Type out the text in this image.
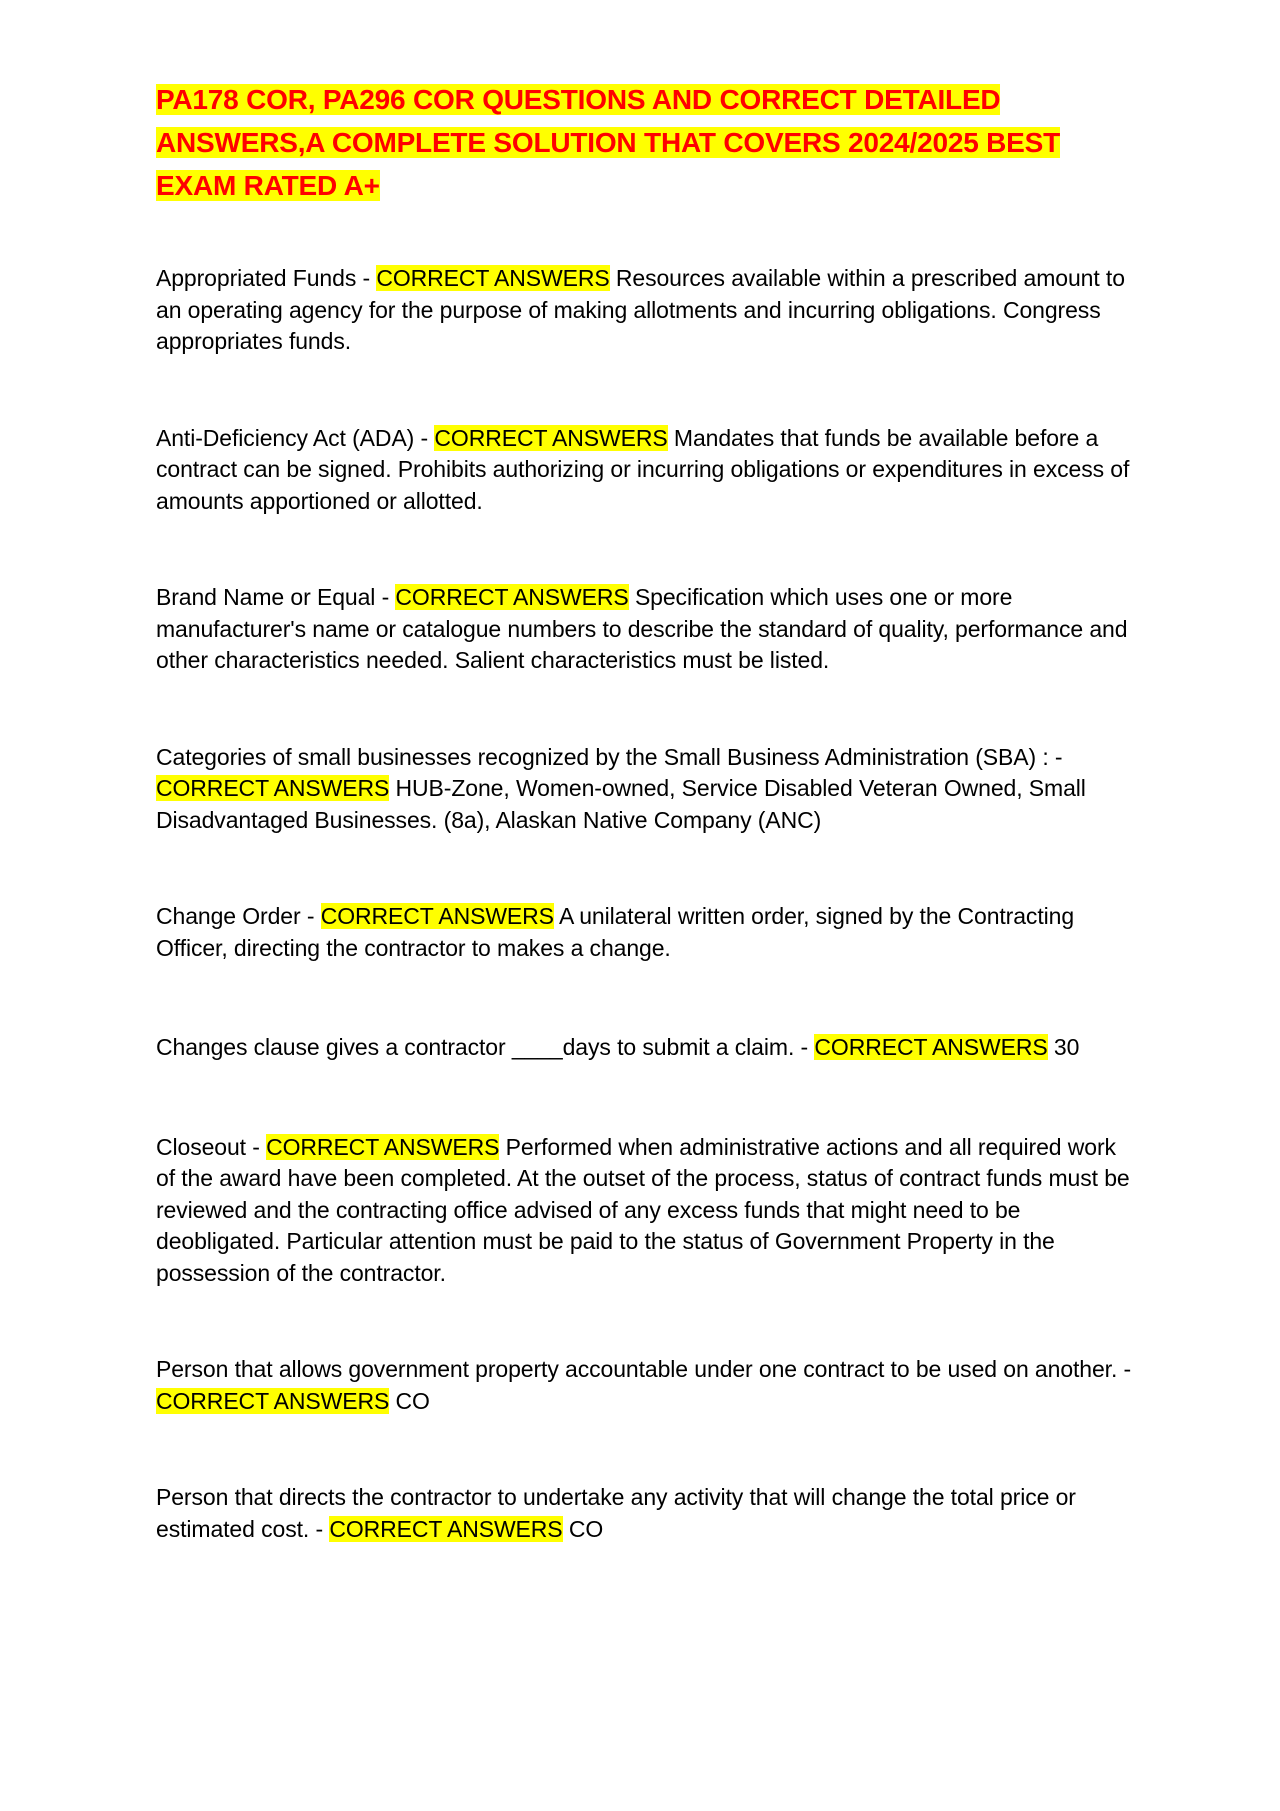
PA178 COR, PA296 COR QUESTIONS AND CORRECT DETAILED ANSWERS,A COMPLETE SOLUTION THAT COVERS 2024/2025 BEST EXAM RATED A+

Appropriated Funds - CORRECT ANSWERS Resources available within a prescribed amount to an operating agency for the purpose of making allotments and incurring obligations. Congress appropriates funds.

Anti-Deficiency Act (ADA) - CORRECT ANSWERS Mandates that funds be available before a contract can be signed. Prohibits authorizing or incurring obligations or expenditures in excess of amounts apportioned or allotted.

Brand Name or Equal - CORRECT ANSWERS Specification which uses one or more manufacturer's name or catalogue numbers to describe the standard of quality, performance and other characteristics needed. Salient characteristics must be listed.

Categories of small businesses recognized by the Small Business Administration (SBA) : - CORRECT ANSWERS HUB-Zone, Women-owned, Service Disabled Veteran Owned, Small Disadvantaged Businesses. (8a), Alaskan Native Company (ANC)

Change Order - CORRECT ANSWERS A unilateral written order, signed by the Contracting Officer, directing the contractor to makes a change.

Changes clause gives a contractor ____days to submit a claim. - CORRECT ANSWERS 30

Closeout - CORRECT ANSWERS Performed when administrative actions and all required work of the award have been completed. At the outset of the process, status of contract funds must be reviewed and the contracting office advised of any excess funds that might need to be deobligated. Particular attention must be paid to the status of Government Property in the possession of the contractor.

Person that allows government property accountable under one contract to be used on another. - CORRECT ANSWERS CO

Person that directs the contractor to undertake any activity that will change the total price or estimated cost. - CORRECT ANSWERS CO
